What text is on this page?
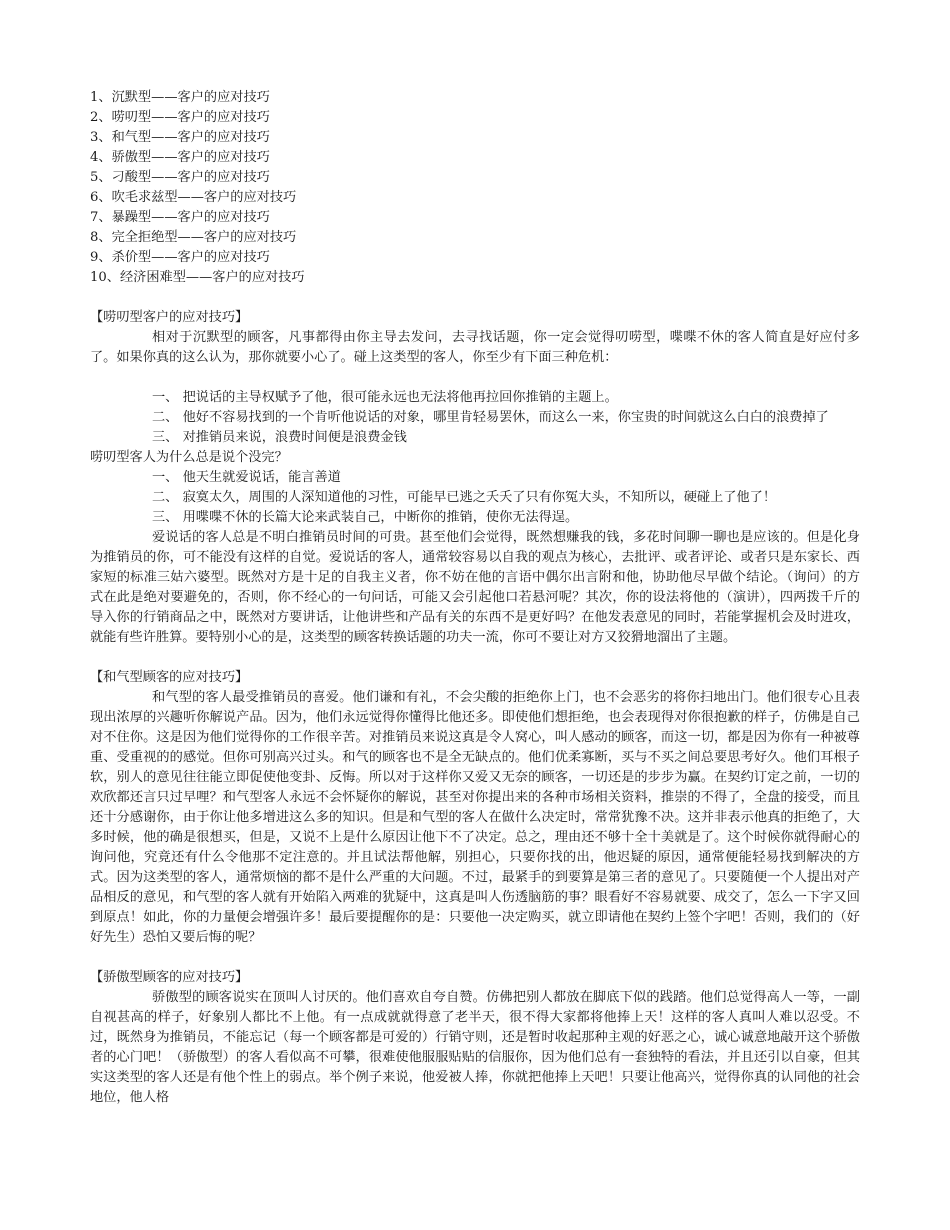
1、沉默型——客户的应对技巧
2、唠叨型——客户的应对技巧
3、和气型——客户的应对技巧
4、骄傲型——客户的应对技巧
5、刁酸型——客户的应对技巧
6、吹毛求兹型——客户的应对技巧
7、暴躁型——客户的应对技巧
8、完全拒绝型——客户的应对技巧
9、杀价型——客户的应对技巧
10、经济困难型——客户的应对技巧
【唠叨型客户的应对技巧】
相对于沉默型的顾客，凡事都得由你主导去发问，去寻找话题，你一定会觉得叨唠型，喋喋不休的客人简直是好应付多了。如果你真的这么认为，那你就要小心了。碰上这类型的客人，你至少有下面三种危机：
一、 把说话的主导权赋予了他，很可能永远也无法将他再拉回你推销的主题上。
二、 他好不容易找到的一个肯听他说话的对象，哪里肯轻易罢休，而这么一来，你宝贵的时间就这么白白的浪费掉了
三、 对推销员来说，浪费时间便是浪费金钱
唠叨型客人为什么总是说个没完？
一、 他天生就爱说话，能言善道
二、 寂寞太久，周围的人深知道他的习性，可能早已逃之夭夭了只有你冤大头，不知所以，硬碰上了他了！
三、 用喋喋不休的长篇大论来武装自己，中断你的推销，使你无法得逞。
爱说话的客人总是不明白推销员时间的可贵。甚至他们会觉得，既然想赚我的钱，多花时间聊一聊也是应该的。但是化身为推销员的你，可不能没有这样的自觉。爱说话的客人，通常较容易以自我的观点为核心，去批评、或者评论、或者只是东家长、西家短的标准三姑六婆型。既然对方是十足的自我主义者，你不妨在他的言语中偶尔出言附和他，协助他尽早做个结论。（询问）的方式在此是绝对要避免的，否则，你不经心的一句问话，可能又会引起他口若悬河呢？其次，你的设法将他的（演讲），四两拨千斤的导入你的行销商品之中，既然对方要讲话，让他讲些和产品有关的东西不是更好吗？在他发表意见的同时，若能掌握机会及时进攻，就能有些许胜算。要特别小心的是，这类型的顾客转换话题的功夫一流，你可不要让对方又狡猾地溜出了主题。
【和气型顾客的应对技巧】
和气型的客人最受推销员的喜爱。他们谦和有礼，不会尖酸的拒绝你上门，也不会恶劣的将你扫地出门。他们很专心且表现出浓厚的兴趣听你解说产品。因为，他们永远觉得你懂得比他还多。即使他们想拒绝，也会表现得对你很抱歉的样子，仿佛是自己对不住你。这是因为他们觉得你的工作很辛苦。对推销员来说这真是令人窝心，叫人感动的顾客，而这一切，都是因为你有一种被尊重、受重视的的感觉。但你可别高兴过头。和气的顾客也不是全无缺点的。他们优柔寡断，买与不买之间总要思考好久。他们耳根子软，别人的意见往往能立即促使他变卦、反悔。所以对于这样你又爱又无奈的顾客，一切还是的步步为赢。在契约订定之前，一切的欢欣都还言只过早哩？和气型客人永远不会怀疑你的解说，甚至对你提出来的各种市场相关资料，推崇的不得了，全盘的接受，而且还十分感谢你，由于你让他多增进这么多的知识。但是和气型的客人在做什么决定时，常常犹豫不决。这并非表示他真的拒绝了，大多时候，他的确是很想买，但是，又说不上是什么原因让他下不了决定。总之，理由还不够十全十美就是了。这个时候你就得耐心的询问他，究竟还有什么令他那不定注意的。并且试法帮他解，别担心，只要你找的出，他迟疑的原因，通常便能轻易找到解决的方式。因为这类型的客人，通常烦恼的都不是什么严重的大问题。不过，最紧手的到要算是第三者的意见了。只要随便一个人提出对产品相反的意见，和气型的客人就有开始陷入两难的犹疑中，这真是叫人伤透脑筋的事？眼看好不容易就要、成交了，怎么一下字又回到原点！如此，你的力量便会增强许多！最后要提醒你的是：只要他一决定购买，就立即请他在契约上签个字吧！否则，我们的（好好先生）恐怕又要后悔的呢？
【骄傲型顾客的应对技巧】
骄傲型的顾客说实在顶叫人讨厌的。他们喜欢自夸自赞。仿佛把别人都放在脚底下似的践踏。他们总觉得高人一等，一副自视甚高的样子，好象别人都比不上他。有一点成就就得意了老半天，很不得大家都将他捧上天！这样的客人真叫人难以忍受。不过，既然身为推销员，不能忘记（每一个顾客都是可爱的）行销守则，还是暂时收起那种主观的好恶之心，诚心诚意地敲开这个骄傲者的心门吧！（骄傲型）的客人看似高不可攀，很难使他服服贴贴的信服你，因为他们总有一套独特的看法，并且还引以自豪，但其实这类型的客人还是有他个性上的弱点。举个例子来说，他爱被人捧，你就把他捧上天吧！只要让他高兴，觉得你真的认同他的社会地位，他人格
